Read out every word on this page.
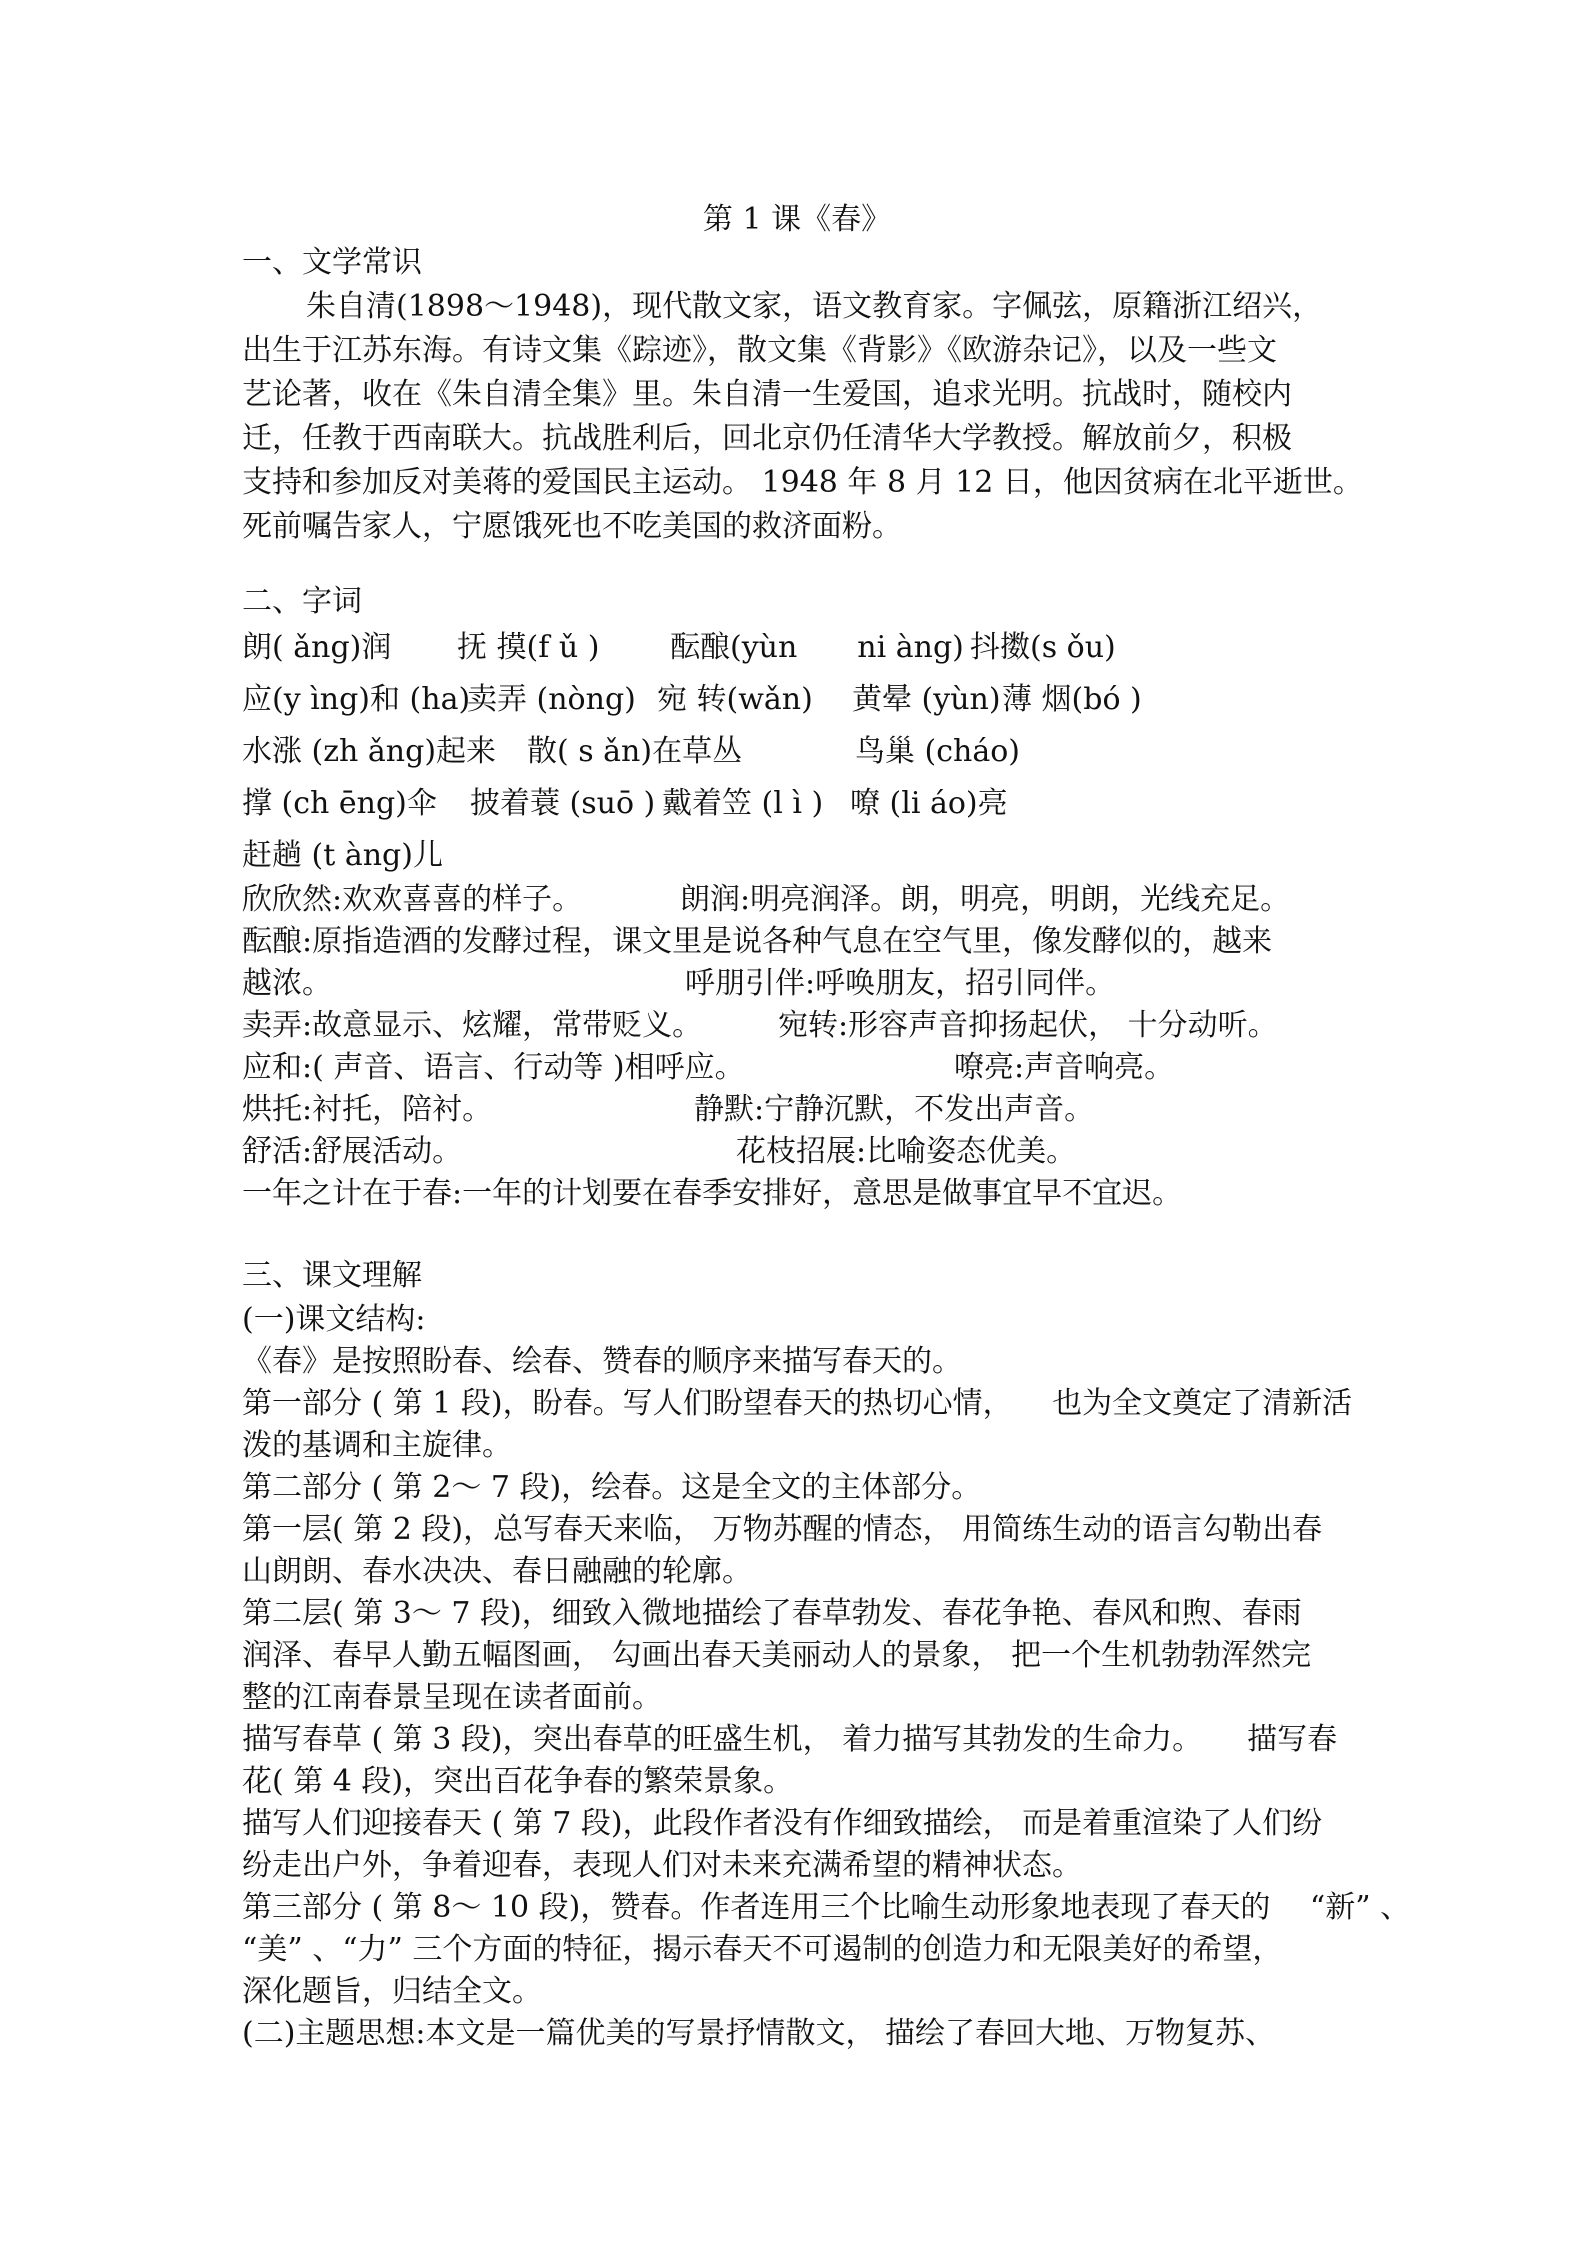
第 1 课《春》
一、文学常识
朱自清(1898～1948)，现代散文家，语文教育家。字佩弦，原籍浙江绍兴，
出生于江苏东海。有诗文集《踪迹》，散文集《背影》《欧游杂记》，以及一些文
艺论著，收在《朱自清全集》里。朱自清一生爱国，追求光明。抗战时，随校内
迁，任教于西南联大。抗战胜利后，回北京仍任清华大学教授。解放前夕，积极
支持和参加反对美蒋的爱国民主运动。 1948 年 8 月 12 日，他因贫病在北平逝世。
死前嘱告家人，宁愿饿死也不吃美国的救济面粉。
二、字词
朗( ǎng)润 抚 摸(f ǔ ) 酝酿(yùn　　ni àng) 抖擞(s ǒu)
应(y ìng)和 (ha)
卖弄 (nòng) 宛 转(wǎn) 黄晕 (yùn) 薄 烟(bó )
水涨 (zh ǎng)起来 散( s ǎn)在草丛	鸟巢 (cháo)
撑 (ch ēng)伞 披着蓑 (suō ) 戴着笠 (l ì ) 嘹 (li áo)亮
赶趟 (t àng)儿
欣欣然:欢欢喜喜的样子。	朗润:明亮润泽。朗，明亮，明朗，光线充足。
酝酿:原指造酒的发酵过程，课文里是说各种气息在空气里，像发酵似的，越来
越浓。	呼朋引伴:呼唤朋友，招引同伴。
卖弄:故意显示、炫耀，常带贬义。	宛转:形容声音抑扬起伏， 十分动听。
应和:( 声音、语言、行动等 )相呼应。	嘹亮:声音响亮。
烘托:衬托，陪衬。	静默:宁静沉默，不发出声音。
舒活:舒展活动。	花枝招展:比喻姿态优美。
一年之计在于春:一年的计划要在春季安排好，意思是做事宜早不宜迟。
三、课文理解
(一)课文结构:
《春》是按照盼春、绘春、赞春的顺序来描写春天的。
第一部分 ( 第 1 段)，盼春。写人们盼望春天的热切心情， 　也为全文奠定了清新活
泼的基调和主旋律。
第二部分 ( 第 2～ 7 段)，绘春。这是全文的主体部分。
第一层( 第 2 段)，总写春天来临， 万物苏醒的情态， 用简练生动的语言勾勒出春
山朗朗、春水决决、春日融融的轮廓。
第二层( 第 3～ 7 段)，细致入微地描绘了春草勃发、春花争艳、春风和煦、春雨
润泽、春早人勤五幅图画， 勾画出春天美丽动人的景象， 把一个生机勃勃浑然完
整的江南春景呈现在读者面前。
描写春草 ( 第 3 段)，突出春草的旺盛生机， 着力描写其勃发的生命力。　　描写春
花( 第 4 段)，突出百花争春的繁荣景象。
描写人们迎接春天 ( 第 7 段)，此段作者没有作细致描绘， 而是着重渲染了人们纷
纷走出户外，争着迎春，表现人们对未来充满希望的精神状态。
第三部分 ( 第 8～ 10 段)，赞春。作者连用三个比喻生动形象地表现了春天的　 “新” 、
“美” 、“力” 三个方面的特征，揭示春天不可遏制的创造力和无限美好的希望，
深化题旨，归结全文。
(二)主题思想:本文是一篇优美的写景抒情散文， 描绘了春回大地、万物复苏、
